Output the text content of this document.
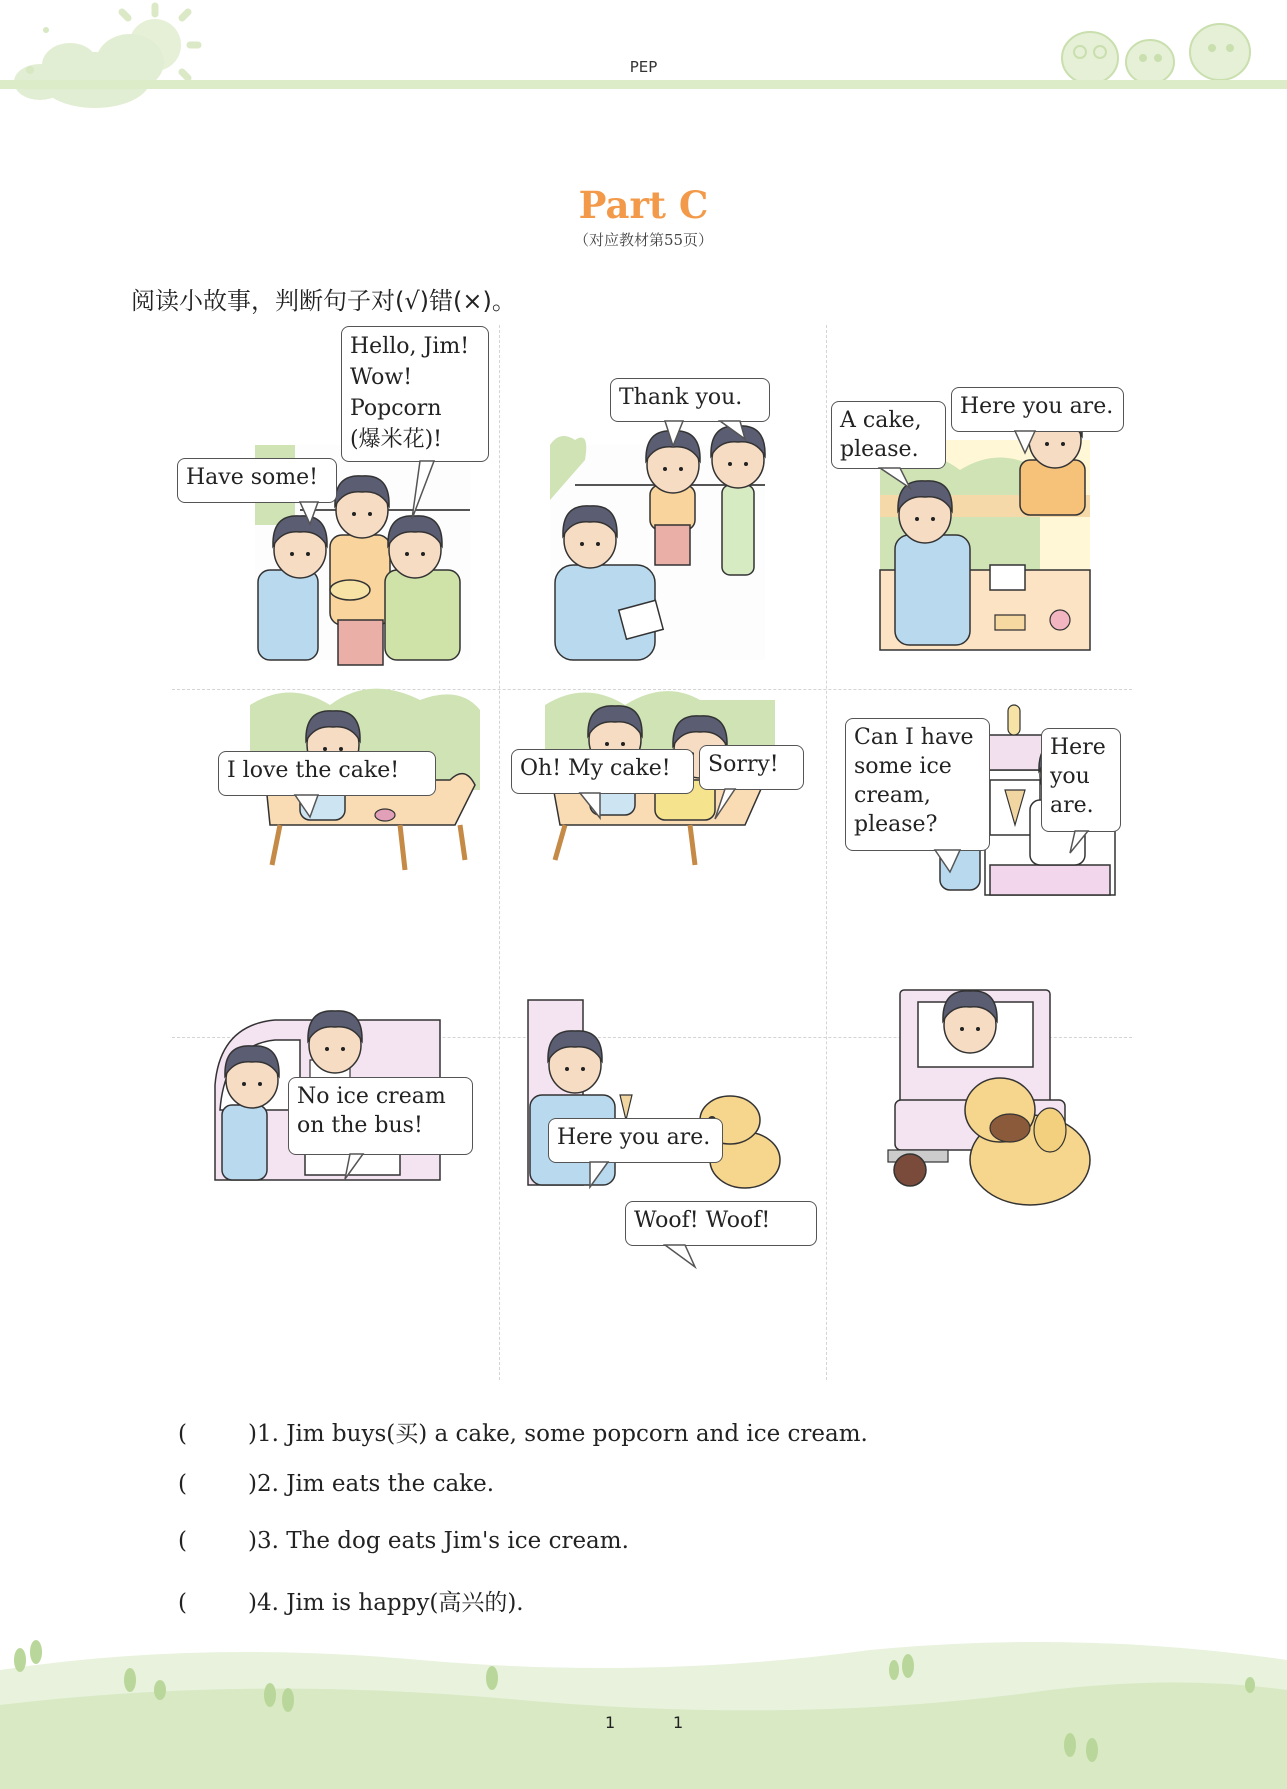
PEP
Part C
（对应教材第55页）
阅读小故事，判断句子对(√)错(×)。
Have some!
Hello, Jim!
Wow!
Popcorn
(爆米花)!
Thank you.
A cake,
please.
Here you are.
I love the cake!	Oh! My cake!	Sorry!
Can I have
some ice
cream,
please?
Here
you
are.
No ice cream
on the bus!	Here you are.
Woof! Woof!
(	)1. Jim buys(买) a cake, some popcorn and ice cream.
(	)2. Jim eats the cake.
(	)3. The dog eats Jim's ice cream.
(	)4. Jim is happy(高兴的).
1	1
